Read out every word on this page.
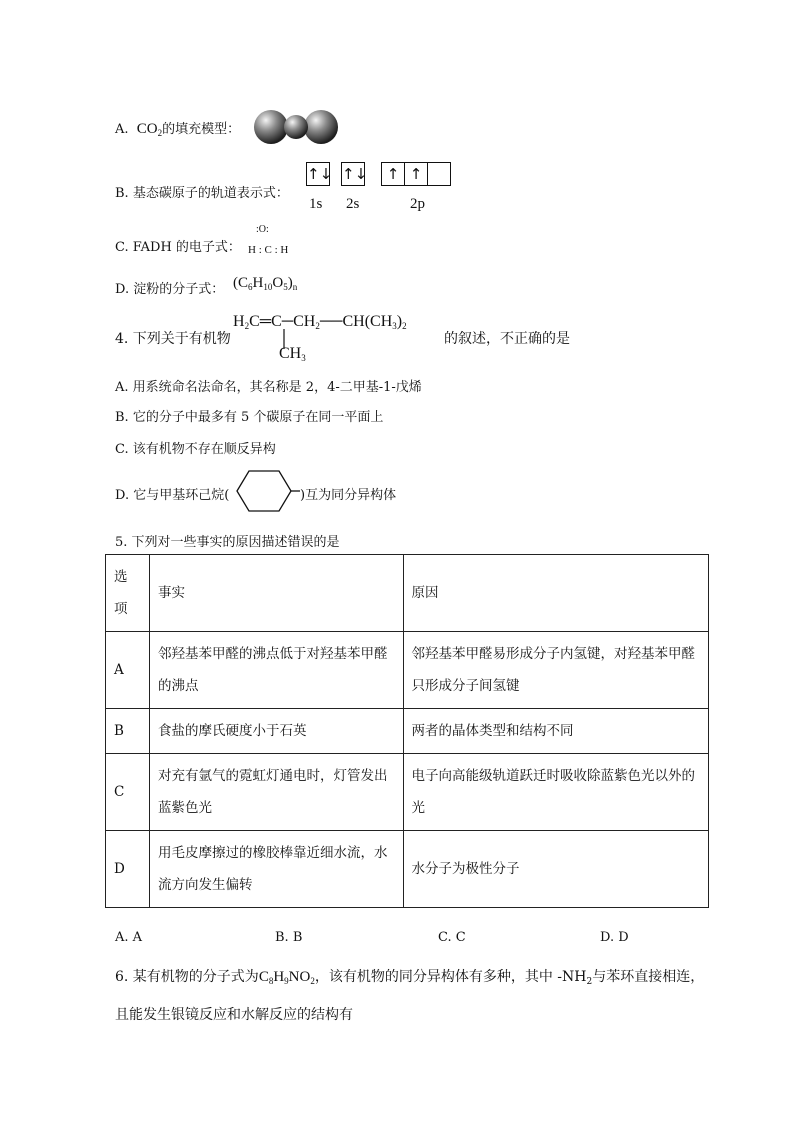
A. $CO_2$的填充模型：
B. 基态碳原子的轨道表示式：
↑↓ ↑↓	↑ ↑
1s 2s	2p
C. FADH 的电子式：
:O:
H : C : H
D. 淀粉的分子式： $(C_6H_{10}O_5)_n$
4. 下列关于有机物
$H_2C═C─CH_2──CH(CH_3)_2$
$CH_3$
的叙述，不正确的是
A. 用系统命名法命名，其名称是 2，4-二甲基-1-戊烯
B. 它的分子中最多有 5 个碳原子在同一平面上
C. 该有机物不存在顺反异构
D. 它与甲基环己烷(	)互为同分异构体
5. 下列对一些事实的原因描述错误的是
选项	事实	原因
A	邻羟基苯甲醛的沸点低于对羟基苯甲醛的沸点	邻羟基苯甲醛易形成分子内氢键，对羟基苯甲醛只形成分子间氢键
B	食盐的摩氏硬度小于石英	两者的晶体类型和结构不同
C	对充有氩气的霓虹灯通电时，灯管发出蓝紫色光	电子向高能级轨道跃迁时吸收除蓝紫色光以外的光
D	用毛皮摩擦过的橡胶棒靠近细水流，水流方向发生偏转	水分子为极性分子
A. A	B. B	C. C	D. D
6. 某有机物的分子式为$C_8H_9NO_2$，该有机物的同分异构体有多种，其中 $-NH_2$与苯环直接相连，
且能发生银镜反应和水解反应的结构有
